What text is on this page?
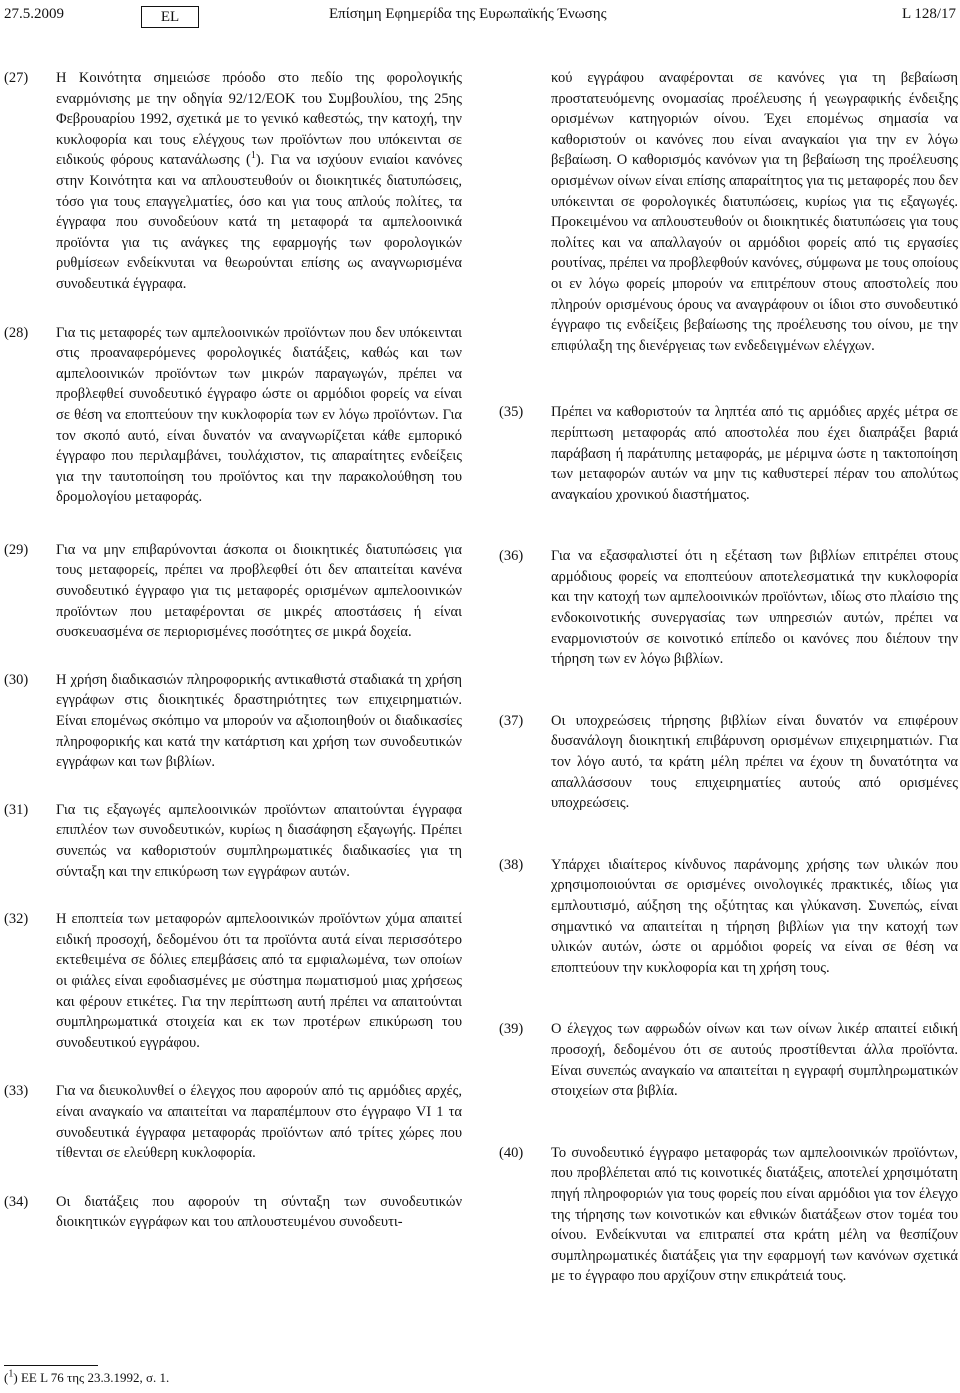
27.5.2009	EL	Επίσημη Εφημερίδα της Ευρωπαϊκής Ένωσης	L 128/17
(27) Η Κοινότητα σημειώσε πρόοδο στο πεδίο της φορολογικής εναρμόνισης με την οδηγία 92/12/ΕΟΚ του Συμβουλίου, της 25ης Φεβρουαρίου 1992, σχετικά με το γενικό καθεστώς, την κατοχή, την κυκλοφορία και τους ελέγχους των προϊόντων που υπόκεινται σε ειδικούς φόρους κατανάλωσης ($^1$). Για να ισχύουν ενιαίοι κανόνες στην Κοινότητα και να απλουστευθούν οι διοικητικές διατυπώσεις, τόσο για τους επαγγελματίες, όσο και για τους απλούς πολίτες, τα έγγραφα που συνοδεύουν κατά τη μεταφορά τα αμπελοοινικά προϊόντα για τις ανάγκες της εφαρμογής των φορολογικών ρυθμίσεων ενδείκνυται να θεωρούνται επίσης ως αναγνωρισμένα συνοδευτικά έγγραφα.
(28) Για τις μεταφορές των αμπελοοινικών προϊόντων που δεν υπόκεινται στις προαναφερόμενες φορολογικές διατάξεις, καθώς και των αμπελοοινικών προϊόντων των μικρών παραγωγών, πρέπει να προβλεφθεί συνοδευτικό έγγραφο ώστε οι αρμόδιοι φορείς να είναι σε θέση να εποπτεύουν την κυκλοφορία των εν λόγω προϊόντων. Για τον σκοπό αυτό, είναι δυνατόν να αναγνωρίζεται κάθε εμπορικό έγγραφο που περιλαμβάνει, τουλάχιστον, τις απαραίτητες ενδείξεις για την ταυτοποίηση του προϊόντος και την παρακολούθηση του δρομολογίου μεταφοράς.
(29) Για να μην επιβαρύνονται άσκοπα οι διοικητικές διατυπώσεις για τους μεταφορείς, πρέπει να προβλεφθεί ότι δεν απαιτείται κανένα συνοδευτικό έγγραφο για τις μεταφορές ορισμένων αμπελοοινικών προϊόντων που μεταφέρονται σε μικρές αποστάσεις ή είναι συσκευασμένα σε περιορισμένες ποσότητες σε μικρά δοχεία.
(30) Η χρήση διαδικασιών πληροφορικής αντικαθιστά σταδιακά τη χρήση εγγράφων στις διοικητικές δραστηριότητες των επιχειρηματιών. Είναι επομένως σκόπιμο να μπορούν να αξιοποιηθούν οι διαδικασίες πληροφορικής και κατά την κατάρτιση και χρήση των συνοδευτικών εγγράφων και των βιβλίων.
(31) Για τις εξαγωγές αμπελοοινικών προϊόντων απαιτούνται έγγραφα επιπλέον των συνοδευτικών, κυρίως η διασάφηση εξαγωγής. Πρέπει συνεπώς να καθοριστούν συμπληρωματικές διαδικασίες για τη σύνταξη και την επικύρωση των εγγράφων αυτών.
(32) Η εποπτεία των μεταφορών αμπελοοινικών προϊόντων χύμα απαιτεί ειδική προσοχή, δεδομένου ότι τα προϊόντα αυτά είναι περισσότερο εκτεθειμένα σε δόλιες επεμβάσεις από τα εμφιαλωμένα, των οποίων οι φιάλες είναι εφοδιασμένες με σύστημα πωματισμού μιας χρήσεως και φέρουν ετικέτες. Για την περίπτωση αυτή πρέπει να απαιτούνται συμπληρωματικά στοιχεία και εκ των προτέρων επικύρωση του συνοδευτικού εγγράφου.
(33) Για να διευκολυνθεί ο έλεγχος που αφορούν από τις αρμόδιες αρχές, είναι αναγκαίο να απαιτείται να παραπέμπουν στο έγγραφο VI 1 τα συνοδευτικά έγγραφα μεταφοράς προϊόντων από τρίτες χώρες που τίθενται σε ελεύθερη κυκλοφορία.
(34) Οι διατάξεις που αφορούν τη σύνταξη των συνοδευτικών διοικητικών εγγράφων και του απλουστευμένου συνοδευτι-
κού εγγράφου αναφέρονται σε κανόνες για τη βεβαίωση προστατευόμενης ονομασίας προέλευσης ή γεωγραφικής ένδειξης ορισμένων κατηγοριών οίνου. Έχει επομένως σημασία να καθοριστούν οι κανόνες που είναι αναγκαίοι για την εν λόγω βεβαίωση. Ο καθορισμός κανόνων για τη βεβαίωση της προέλευσης ορισμένων οίνων είναι επίσης απαραίτητος για τις μεταφορές που δεν υπόκεινται σε φορολογικές διατυπώσεις, κυρίως για τις εξαγωγές. Προκειμένου να απλουστευθούν οι διοικητικές διατυπώσεις για τους πολίτες και να απαλλαγούν οι αρμόδιοι φορείς από τις εργασίες ρουτίνας, πρέπει να προβλεφθούν κανόνες, σύμφωνα με τους οποίους οι εν λόγω φορείς μπορούν να επιτρέπουν στους αποστολείς που πληρούν ορισμένους όρους να αναγράφουν οι ίδιοι στο συνοδευτικό έγγραφο τις ενδείξεις βεβαίωσης της προέλευσης του οίνου, με την επιφύλαξη της διενέργειας των ενδεδειγμένων ελέγχων.
(35) Πρέπει να καθοριστούν τα ληπτέα από τις αρμόδιες αρχές μέτρα σε περίπτωση μεταφοράς από αποστολέα που έχει διαπράξει βαριά παράβαση ή παράτυπης μεταφοράς, με μέριμνα ώστε η τακτοποίηση των μεταφορών αυτών να μην τις καθυστερεί πέραν του απολύτως αναγκαίου χρονικού διαστήματος.
(36) Για να εξασφαλιστεί ότι η εξέταση των βιβλίων επιτρέπει στους αρμόδιους φορείς να εποπτεύουν αποτελεσματικά την κυκλοφορία και την κατοχή των αμπελοοινικών προϊόντων, ιδίως στο πλαίσιο της ενδοκοινοτικής συνεργασίας των υπηρεσιών αυτών, πρέπει να εναρμονιστούν σε κοινοτικό επίπεδο οι κανόνες που διέπουν την τήρηση των εν λόγω βιβλίων.
(37) Οι υποχρεώσεις τήρησης βιβλίων είναι δυνατόν να επιφέρουν δυσανάλογη διοικητική επιβάρυνση ορισμένων επιχειρηματιών. Για τον λόγο αυτό, τα κράτη μέλη πρέπει να έχουν τη δυνατότητα να απαλλάσσουν τους επιχειρηματίες αυτούς από ορισμένες υποχρεώσεις.
(38) Υπάρχει ιδιαίτερος κίνδυνος παράνομης χρήσης των υλικών που χρησιμοποιούνται σε ορισμένες οινολογικές πρακτικές, ιδίως για εμπλουτισμό, αύξηση της οξύτητας και γλύκανση. Συνεπώς, είναι σημαντικό να απαιτείται η τήρηση βιβλίων για την κατοχή των υλικών αυτών, ώστε οι αρμόδιοι φορείς να είναι σε θέση να εποπτεύουν την κυκλοφορία και τη χρήση τους.
(39) Ο έλεγχος των αφρωδών οίνων και των οίνων λικέρ απαιτεί ειδική προσοχή, δεδομένου ότι σε αυτούς προστίθενται άλλα προϊόντα. Είναι συνεπώς αναγκαίο να απαιτείται η εγγραφή συμπληρωματικών στοιχείων στα βιβλία.
(40) Το συνοδευτικό έγγραφο μεταφοράς των αμπελοοινικών προϊόντων, που προβλέπεται από τις κοινοτικές διατάξεις, αποτελεί χρησιμότατη πηγή πληροφοριών για τους φορείς που είναι αρμόδιοι για τον έλεγχο της τήρησης των κοινοτικών και εθνικών διατάξεων στον τομέα του οίνου. Ενδείκνυται να επιτραπεί στα κράτη μέλη να θεσπίζουν συμπληρωματικές διατάξεις για την εφαρμογή των κανόνων σχετικά με το έγγραφο που αρχίζουν στην επικράτειά τους.
($^1$) ΕΕ L 76 της 23.3.1992, σ. 1.
